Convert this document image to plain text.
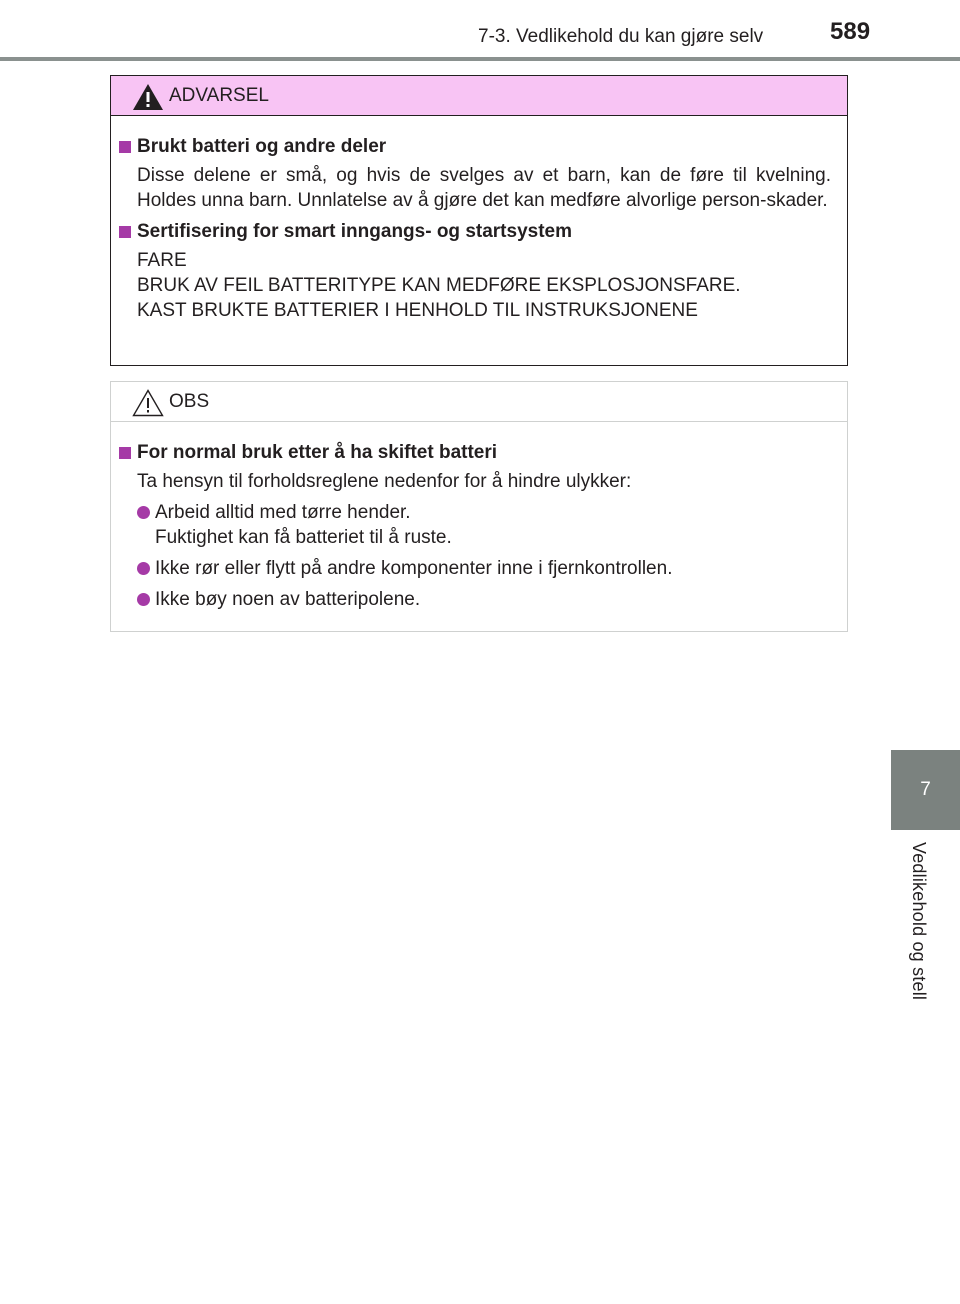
7-3. Vedlikehold du kan gjøre selv	589
7
Vedlikehold og stell
ADVARSEL
Brukt batteri og andre deler
Disse delene er små, og hvis de svelges av et barn, kan de føre til kvelning. Holdes unna barn. Unnlatelse av å gjøre det kan medføre alvorlige person-skader.
Sertifisering for smart inngangs- og startsystem
FARE
BRUK AV FEIL BATTERITYPE KAN MEDFØRE EKSPLOSJONSFARE.
KAST BRUKTE BATTERIER I HENHOLD TIL INSTRUKSJONENE
OBS
For normal bruk etter å ha skiftet batteri
Ta hensyn til forholdsreglene nedenfor for å hindre ulykker:
Arbeid alltid med tørre hender.
Fuktighet kan få batteriet til å ruste.
Ikke rør eller flytt på andre komponenter inne i fjernkontrollen.
Ikke bøy noen av batteripolene.
